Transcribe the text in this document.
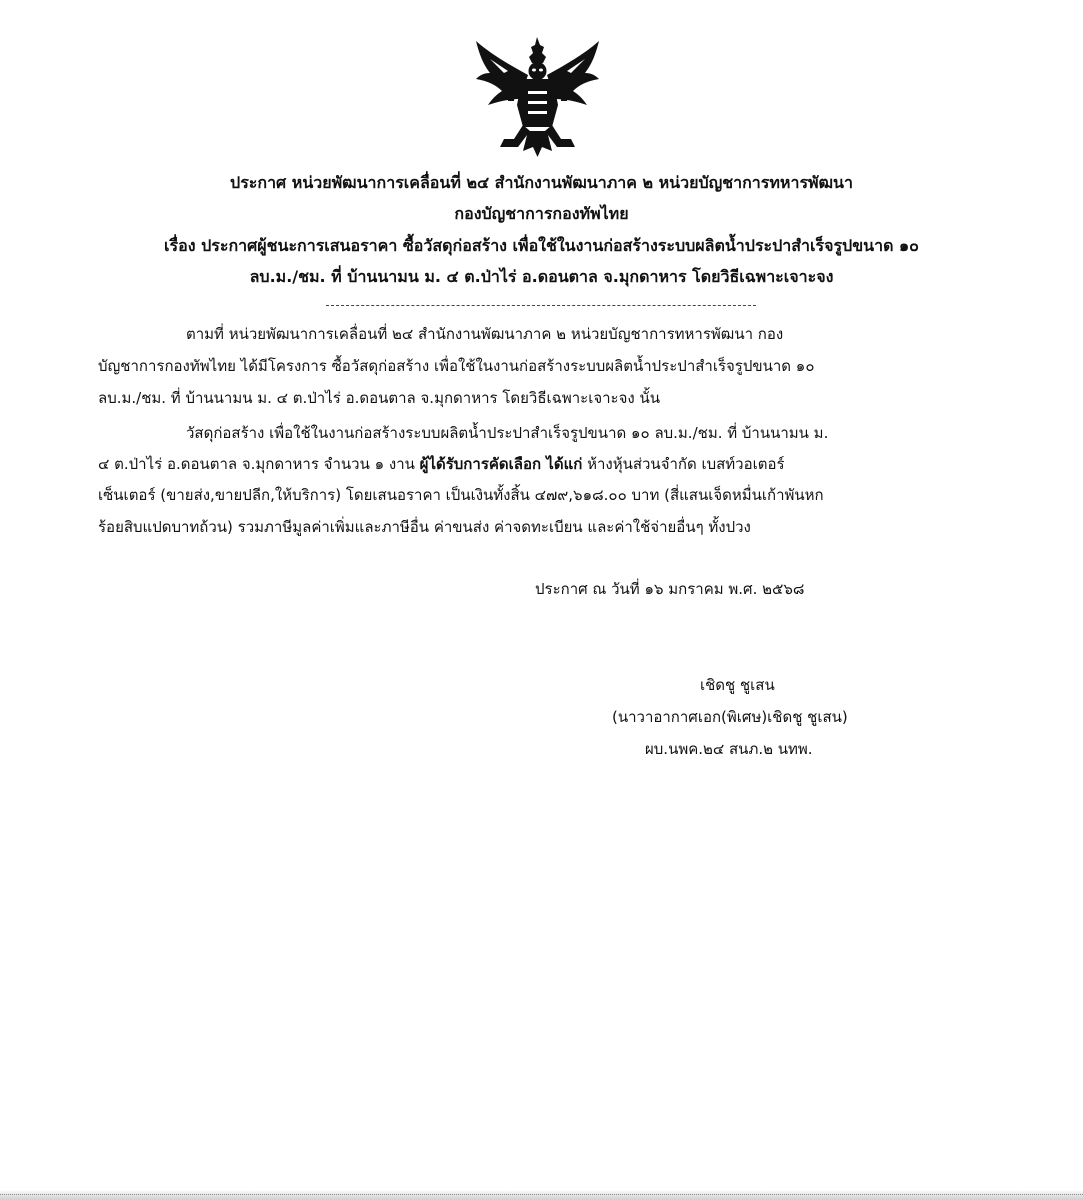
ประกาศ หน่วยพัฒนาการเคลื่อนที่ ๒๔ สำนักงานพัฒนาภาค ๒ หน่วยบัญชาการทหารพัฒนา
กองบัญชาการกองทัพไทย
เรื่อง ประกาศผู้ชนะการเสนอราคา ซื้อวัสดุก่อสร้าง เพื่อใช้ในงานก่อสร้างระบบผลิตน้ำประปาสำเร็จรูปขนาด ๑๐
ลบ.ม./ชม. ที่ บ้านนามน ม. ๔ ต.ป่าไร่ อ.ดอนตาล จ.มุกดาหาร โดยวิธีเฉพาะเจาะจง
ตามที่ หน่วยพัฒนาการเคลื่อนที่ ๒๔ สำนักงานพัฒนาภาค ๒ หน่วยบัญชาการทหารพัฒนา กอง
บัญชาการกองทัพไทย ได้มีโครงการ ซื้อวัสดุก่อสร้าง เพื่อใช้ในงานก่อสร้างระบบผลิตน้ำประปาสำเร็จรูปขนาด ๑๐
ลบ.ม./ชม. ที่ บ้านนามน ม. ๔ ต.ป่าไร่ อ.ดอนตาล จ.มุกดาหาร โดยวิธีเฉพาะเจาะจง นั้น
วัสดุก่อสร้าง เพื่อใช้ในงานก่อสร้างระบบผลิตน้ำประปาสำเร็จรูปขนาด ๑๐ ลบ.ม./ชม. ที่ บ้านนามน ม.
๔ ต.ป่าไร่ อ.ดอนตาล จ.มุกดาหาร จำนวน ๑ งาน ผู้ได้รับการคัดเลือก ได้แก่ ห้างหุ้นส่วนจำกัด เบสท์วอเตอร์
เซ็นเตอร์ (ขายส่ง,ขายปลีก,ให้บริการ) โดยเสนอราคา เป็นเงินทั้งสิ้น ๔๗๙,๖๑๘.๐๐ บาท (สี่แสนเจ็ดหมื่นเก้าพันหก
ร้อยสิบแปดบาทถ้วน) รวมภาษีมูลค่าเพิ่มและภาษีอื่น ค่าขนส่ง ค่าจดทะเบียน และค่าใช้จ่ายอื่นๆ ทั้งปวง
ประกาศ ณ วันที่ ๑๖ มกราคม พ.ศ. ๒๕๖๘
เชิดชู ชูเสน
(นาวาอากาศเอก(พิเศษ)เชิดชู ชูเสน)
ผบ.นพค.๒๔ สนภ.๒ นทพ.
